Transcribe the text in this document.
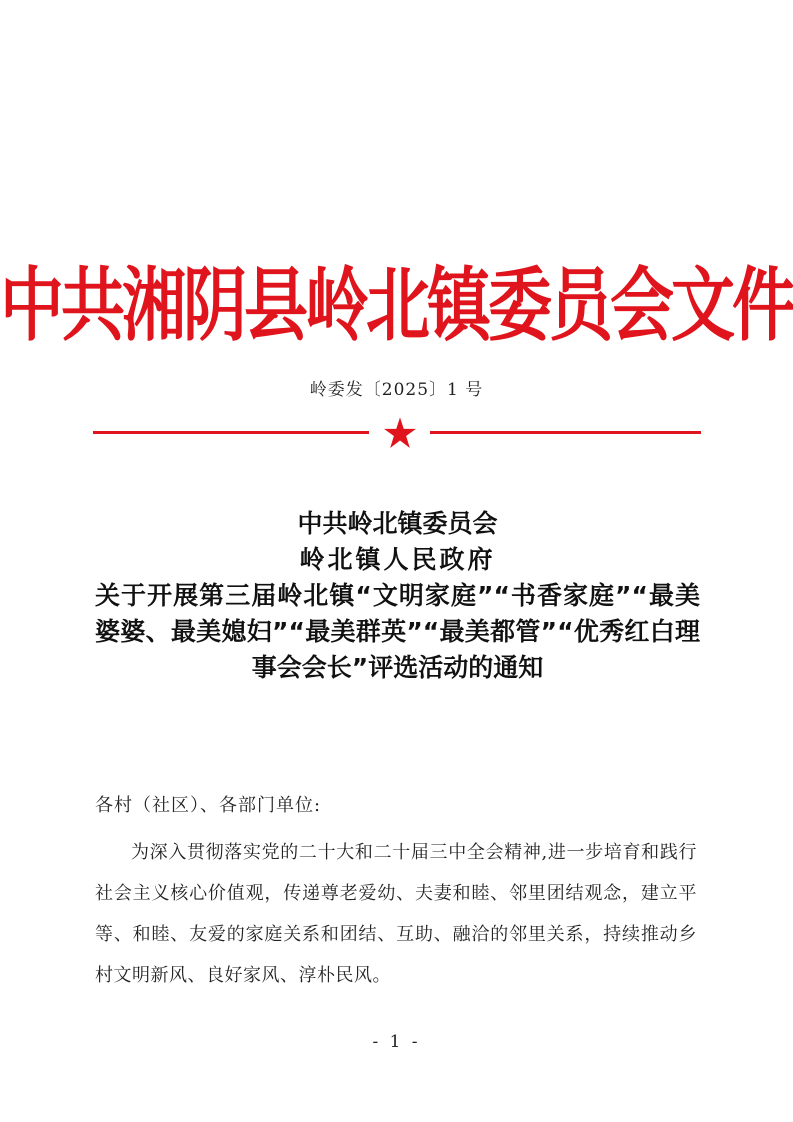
中共湘阴县岭北镇委员会文件
岭委发〔2025〕1 号
中共岭北镇委员会
岭北镇人民政府
关于开展第三届岭北镇“文明家庭”“书香家庭”“最美婆婆、最美媳妇”“最美群英”“最美都管”“优秀红白理事会会长”评选活动的通知
各村（社区）、各部门单位:
为深入贯彻落实党的二十大和二十届三中全会精神,进一步培育和践行社会主义核心价值观，传递尊老爱幼、夫妻和睦、邻里团结观念，建立平等、和睦、友爱的家庭关系和团结、互助、融洽的邻里关系，持续推动乡村文明新风、良好家风、淳朴民风。
- 1 -
